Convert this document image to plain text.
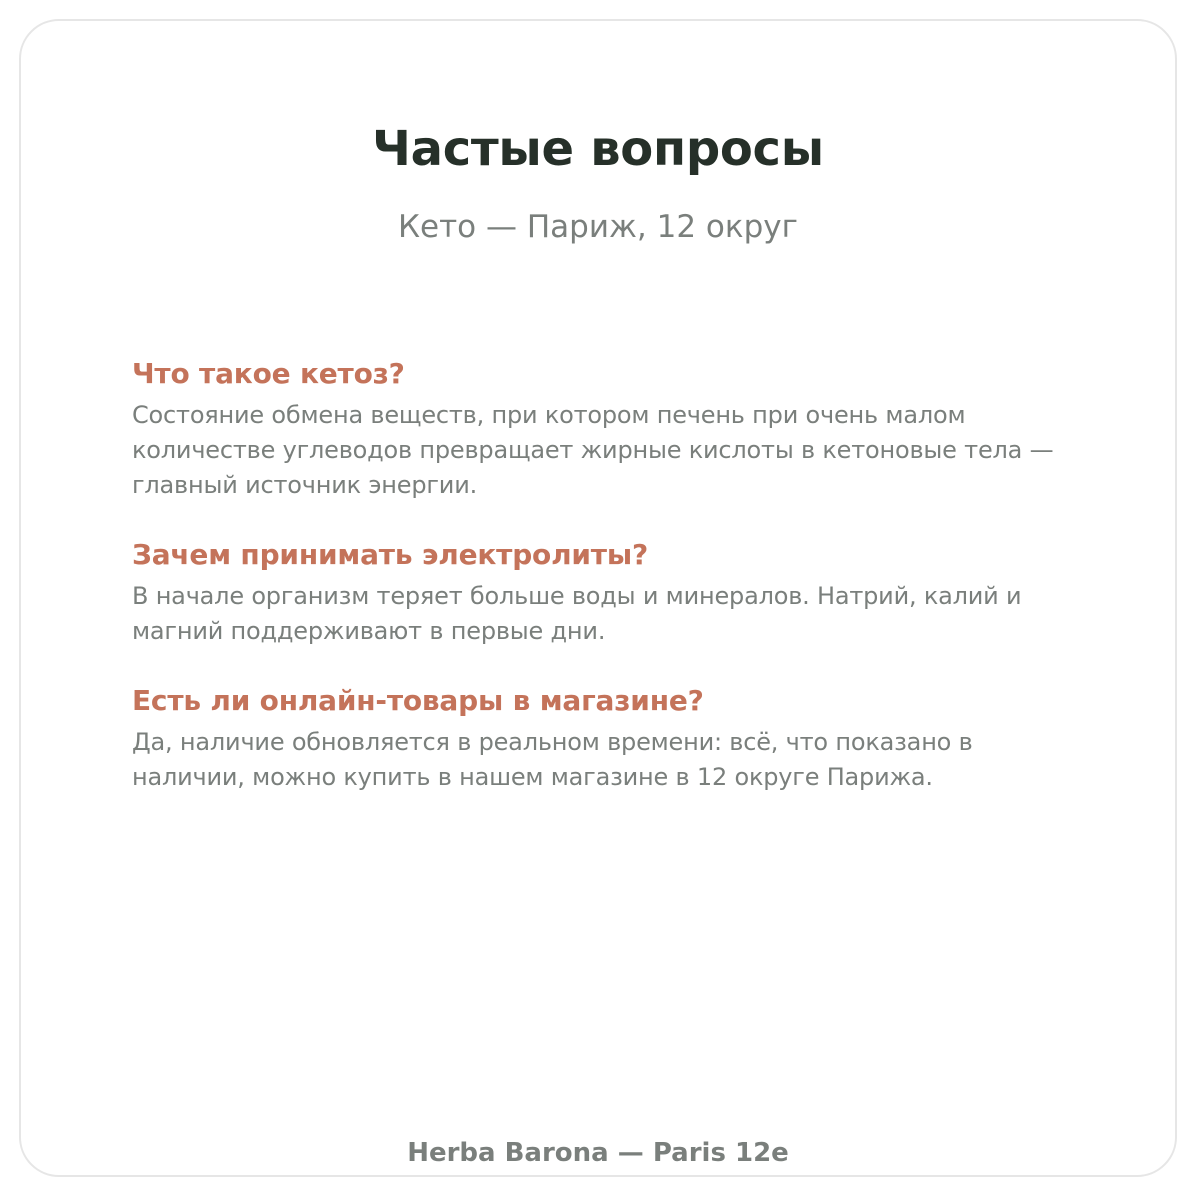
Частые вопросы

Кето — Париж, 12 округ

Что такое кетоз?

Состояние обмена веществ, при котором печень при очень малом количестве углеводов превращает жирные кислоты в кетоновые тела — главный источник энергии.

Зачем принимать электролиты?

В начале организм теряет больше воды и минералов. Натрий, калий и магний поддерживают в первые дни.

Есть ли онлайн-товары в магазине?

Да, наличие обновляется в реальном времени: всё, что показано в наличии, можно купить в нашем магазине в 12 округе Парижа.

Herba Barona — Paris 12e
